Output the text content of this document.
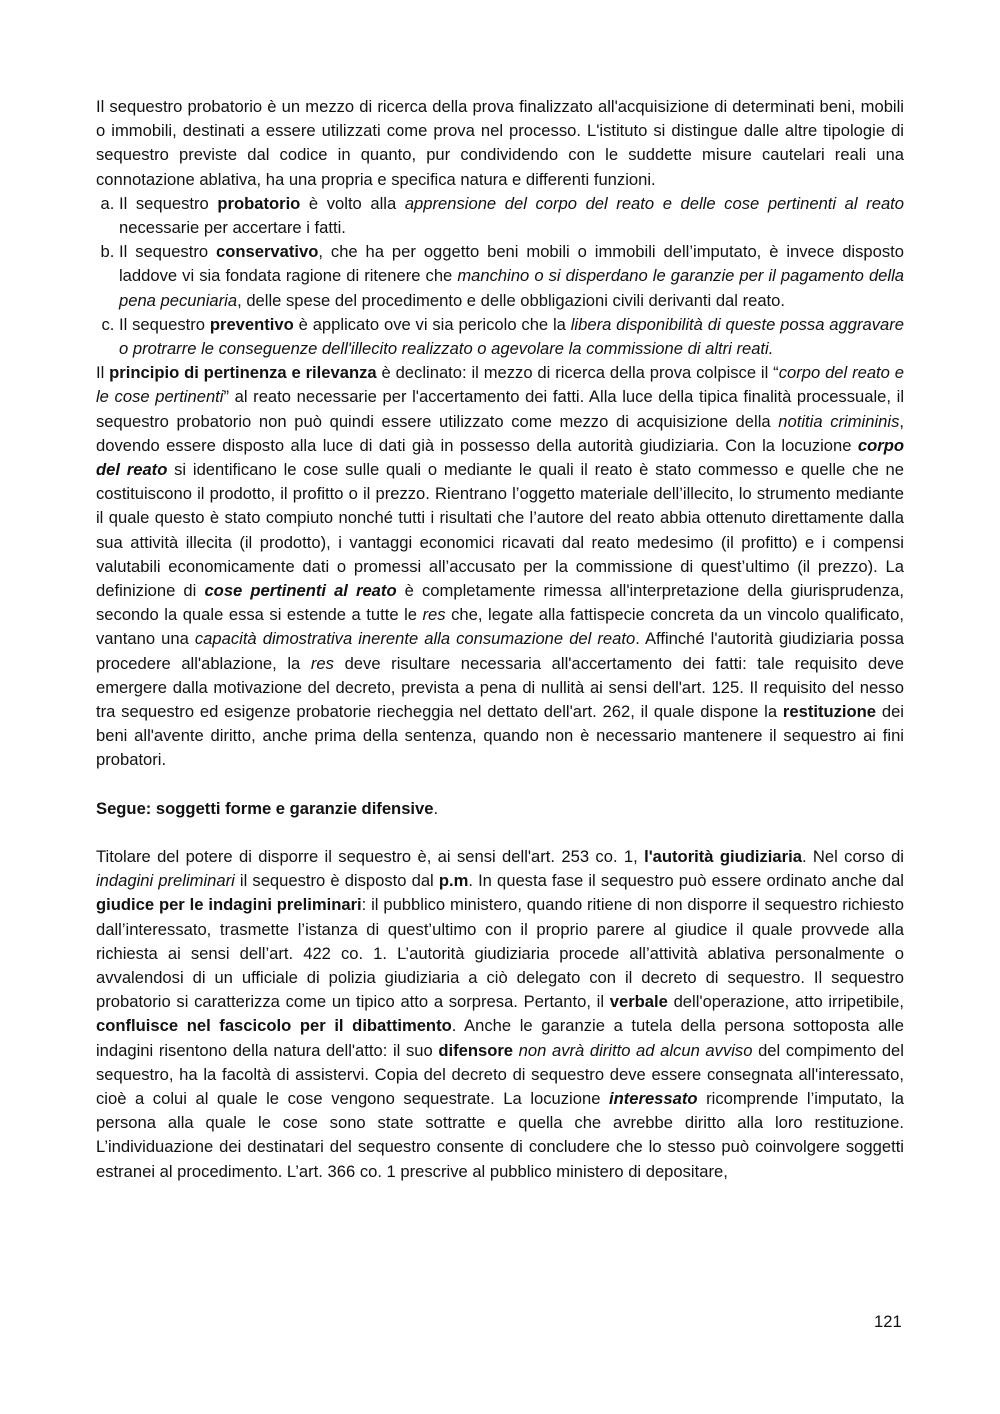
Il sequestro probatorio è un mezzo di ricerca della prova finalizzato all'acquisizione di determinati beni, mobili o immobili, destinati a essere utilizzati come prova nel processo. L'istituto si distingue dalle altre tipologie di sequestro previste dal codice in quanto, pur condividendo con le suddette misure cautelari reali una connotazione ablativa, ha una propria e specifica natura e differenti funzioni.

a. Il sequestro probatorio è volto alla apprensione del corpo del reato e delle cose pertinenti al reato necessarie per accertare i fatti.
b. Il sequestro conservativo, che ha per oggetto beni mobili o immobili dell’imputato, è invece disposto laddove vi sia fondata ragione di ritenere che manchino o si disperdano le garanzie per il pagamento della pena pecuniaria, delle spese del procedimento e delle obbligazioni civili derivanti dal reato.
c. Il sequestro preventivo è applicato ove vi sia pericolo che la libera disponibilità di queste possa aggravare o protrarre le conseguenze dell'illecito realizzato o agevolare la commissione di altri reati.

Il principio di pertinenza e rilevanza è declinato: il mezzo di ricerca della prova colpisce il “corpo del reato e le cose pertinenti” al reato necessarie per l'accertamento dei fatti. Alla luce della tipica finalità processuale, il sequestro probatorio non può quindi essere utilizzato come mezzo di acquisizione della notitia crimininis, dovendo essere disposto alla luce di dati già in possesso della autorità giudiziaria. Con la locuzione corpo del reato si identificano le cose sulle quali o mediante le quali il reato è stato commesso e quelle che ne costituiscono il prodotto, il profitto o il prezzo. Rientrano l’oggetto materiale dell’illecito, lo strumento mediante il quale questo è stato compiuto nonché tutti i risultati che l’autore del reato abbia ottenuto direttamente dalla sua attività illecita (il prodotto), i vantaggi economici ricavati dal reato medesimo (il profitto) e i compensi valutabili economicamente dati o promessi all’accusato per la commissione di quest’ultimo (il prezzo). La definizione di cose pertinenti al reato è completamente rimessa all'interpretazione della giurisprudenza, secondo la quale essa si estende a tutte le res che, legate alla fattispecie concreta da un vincolo qualificato, vantano una capacità dimostrativa inerente alla consumazione del reato. Affinché l'autorità giudiziaria possa procedere all'ablazione, la res deve risultare necessaria all'accertamento dei fatti: tale requisito deve emergere dalla motivazione del decreto, prevista a pena di nullità ai sensi dell'art. 125. Il requisito del nesso tra sequestro ed esigenze probatorie riecheggia nel dettato dell'art. 262, il quale dispone la restituzione dei beni all'avente diritto, anche prima della sentenza, quando non è necessario mantenere il sequestro ai fini probatori.

Segue: soggetti forme e garanzie difensive.

Titolare del potere di disporre il sequestro è, ai sensi dell'art. 253 co. 1, l'autorità giudiziaria. Nel corso di indagini preliminari il sequestro è disposto dal p.m. In questa fase il sequestro può essere ordinato anche dal giudice per le indagini preliminari: il pubblico ministero, quando ritiene di non disporre il sequestro richiesto dall’interessato, trasmette l’istanza di quest’ultimo con il proprio parere al giudice il quale provvede alla richiesta ai sensi dell’art. 422 co. 1. L’autorità giudiziaria procede all’attività ablativa personalmente o avvalendosi di un ufficiale di polizia giudiziaria a ciò delegato con il decreto di sequestro. Il sequestro probatorio si caratterizza come un tipico atto a sorpresa. Pertanto, il verbale dell'operazione, atto irripetibile, confluisce nel fascicolo per il dibattimento. Anche le garanzie a tutela della persona sottoposta alle indagini risentono della natura dell'atto: il suo difensore non avrà diritto ad alcun avviso del compimento del sequestro, ha la facoltà di assistervi. Copia del decreto di sequestro deve essere consegnata all'interessato, cioè a colui al quale le cose vengono sequestrate. La locuzione interessato ricomprende l’imputato, la persona alla quale le cose sono state sottratte e quella che avrebbe diritto alla loro restituzione. L’individuazione dei destinatari del sequestro consente di concludere che lo stesso può coinvolgere soggetti estranei al procedimento. L’art. 366 co. 1 prescrive al pubblico ministero di depositare,

121
